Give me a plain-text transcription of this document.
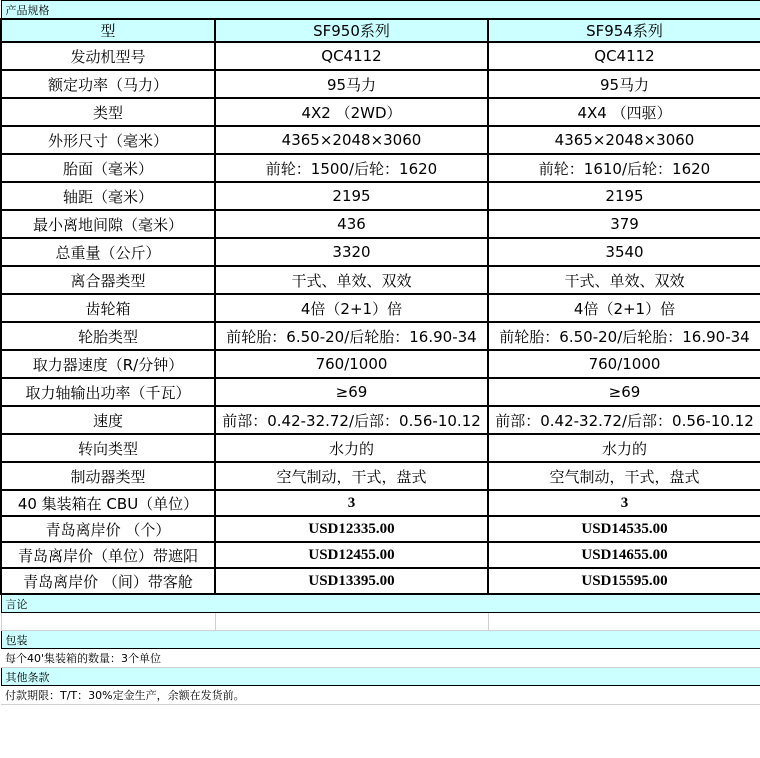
产品规格		
型	SF950系列	SF954系列
发动机型号	QC4112	QC4112
额定功率（马力）	95马力	95马力
类型	4X2 （2WD）	4X4 （四驱）
外形尺寸（毫米）	4365×2048×3060	4365×2048×3060
胎面（毫米）	前轮：1500/后轮：1620	前轮：1610/后轮：1620
轴距（毫米）	2195	2195
最小离地间隙（毫米）	436	379
总重量（公斤）	3320	3540
离合器类型	干式、单效、双效	干式、单效、双效
齿轮箱	4倍（2+1）倍	4倍（2+1）倍
轮胎类型	前轮胎：6.50-20/后轮胎：16.90-34	前轮胎：6.50-20/后轮胎：16.90-34
取力器速度（R/分钟）	760/1000	760/1000
取力轴输出功率（千瓦）	≥69	≥69
速度	前部：0.42-32.72/后部：0.56-10.12	前部：0.42-32.72/后部：0.56-10.12
转向类型	水力的	水力的
制动器类型	空气制动，干式，盘式	空气制动，干式，盘式
40 集装箱在 CBU（单位）	3	3
青岛离岸价 （个）	USD12335.00	USD14535.00
青岛离岸价（单位）带遮阳	USD12455.00	USD14655.00
青岛离岸价 （间）带客舱	USD13395.00	USD15595.00
言论		

包装		
每个40'集装箱的数量：3个单位		
其他条款		
付款期限：T/T：30%定金生产，余额在发货前。		
